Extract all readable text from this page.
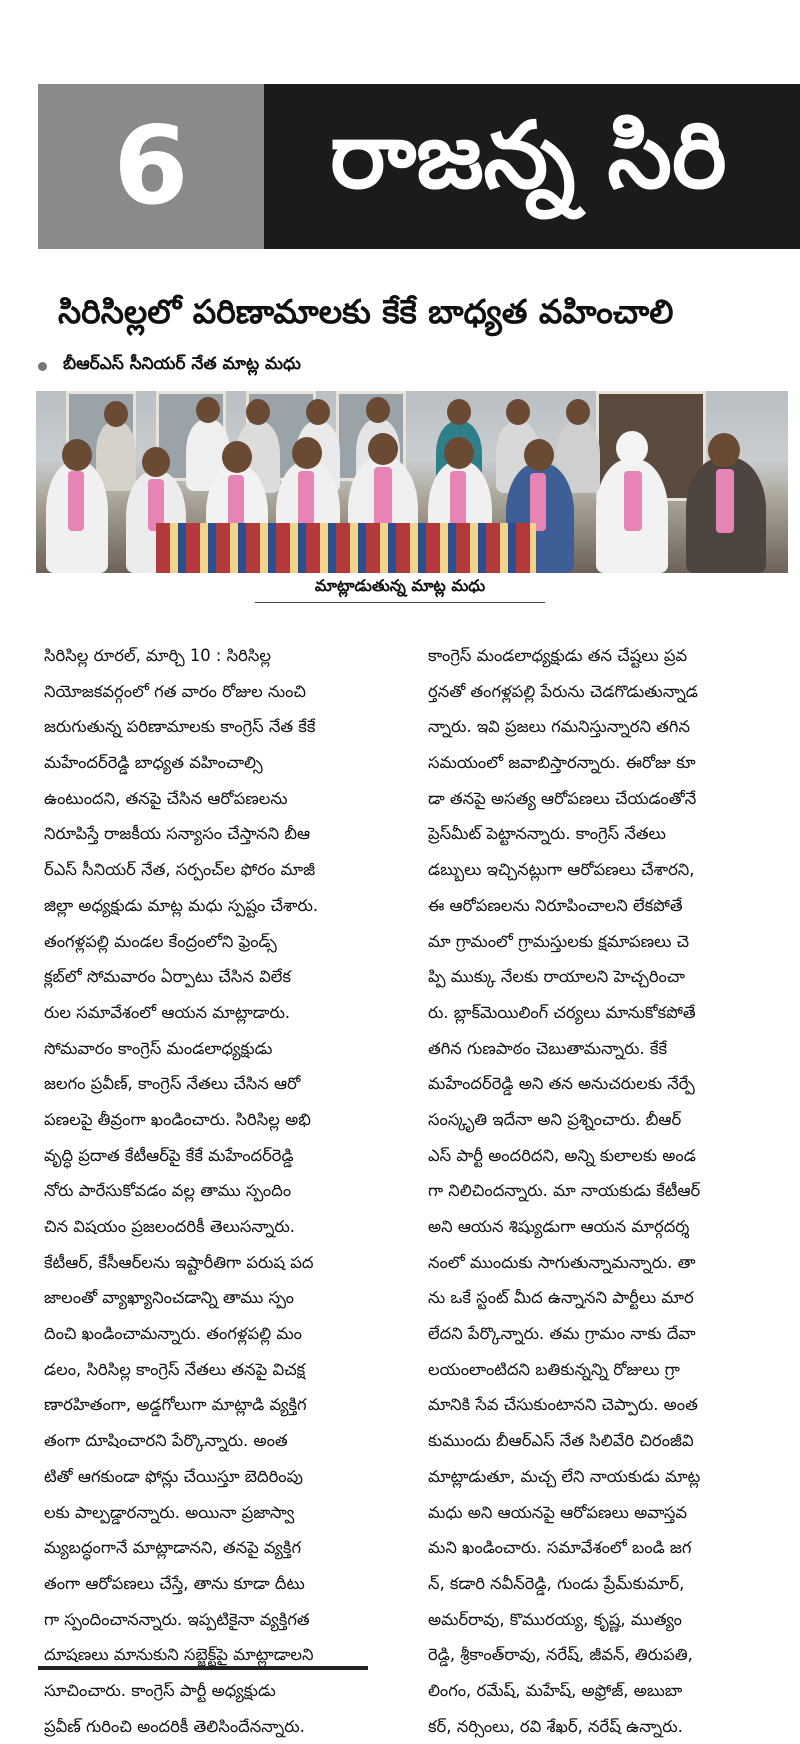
6	రాజన్న సిరి
సిరిసిల్లలో పరిణామాలకు కేకే బాధ్యత వహించాలి
బీఆర్ఎస్ సీనియర్ నేత మాట్ల మధు
మాట్లాడుతున్న మాట్ల మధు
సిరిసిల్ల రూరల్, మార్చి 10 : సిరిసిల్ల
నియోజకవర్గంలో గత వారం రోజుల నుంచి
జరుగుతున్న పరిణామాలకు కాంగ్రెస్ నేత కేకే
మహేందర్‌రెడ్డి బాధ్యత వహించాల్సి
ఉంటుందని, తనపై చేసిన ఆరోపణలను
నిరూపిస్తే రాజకీయ సన్యాసం చేస్తానని బీఆ
ర్ఎస్ సీనియర్ నేత, సర్పంచ్‌ల ఫోరం మాజీ
జిల్లా అధ్యక్షుడు మాట్ల మధు స్పష్టం చేశారు.
తంగళ్లపల్లి మండల కేంద్రంలోని ఫ్రెండ్స్
క్లబ్‌లో సోమవారం ఏర్పాటు చేసిన విలేక
రుల సమావేశంలో ఆయన మాట్లాడారు.
సోమవారం కాంగ్రెస్ మండలాధ్యక్షుడు
జలగం ప్రవీణ్, కాంగ్రెస్ నేతలు చేసిన ఆరో
పణలపై తీవ్రంగా ఖండించారు. సిరిసిల్ల అభి
వృద్ధి ప్రదాత కేటీఆర్‌పై కేకే మహేందర్‌రెడ్డి
నోరు పారేసుకోవడం వల్ల తాము స్పందిం
చిన విషయం ప్రజలందరికీ తెలుసన్నారు.
కేటీఆర్, కేసీఆర్‌లను ఇష్టారీతిగా పరుష పద
జాలంతో వ్యాఖ్యానించడాన్ని తాము స్పం
దించి ఖండించామన్నారు. తంగళ్లపల్లి మం
డలం, సిరిసిల్ల కాంగ్రెస్ నేతలు తనపై విచక్ష
ణారహితంగా, అడ్డగోలుగా మాట్లాడి వ్యక్తిగ
తంగా దూషించారని పేర్కొన్నారు. అంత
టితో ఆగకుండా ఫోన్లు చేయిస్తూ బెదిరింపు
లకు పాల్పడ్డారన్నారు. అయినా ప్రజాస్వా
మ్యబద్ధంగానే మాట్లాడానని, తనపై వ్యక్తిగ
తంగా ఆరోపణలు చేస్తే, తాను కూడా దీటు
గా స్పందించానన్నారు. ఇప్పటికైనా వ్యక్తిగత
దూషణలు మానుకుని సబ్జెక్ట్‌పై మాట్లాడాలని
సూచించారు. కాంగ్రెస్ పార్టీ అధ్యక్షుడు
ప్రవీణ్ గురించి అందరికీ తెలిసిందేనన్నారు.
కాంగ్రెస్ మండలాధ్యక్షుడు తన చేష్టలు ప్రవ
ర్తనతో తంగళ్లపల్లి పేరును చెడగొడుతున్నాడ
న్నారు. ఇవి ప్రజలు గమనిస్తున్నారని తగిన
సమయంలో జవాబిస్తారన్నారు. ఈరోజు కూ
డా తనపై అసత్య ఆరోపణలు చేయడంతోనే
ప్రెస్‌మీట్ పెట్టానన్నారు. కాంగ్రెస్ నేతలు
డబ్బులు ఇచ్చినట్లుగా ఆరోపణలు చేశారని,
ఈ ఆరోపణలను నిరూపించాలని లేకపోతే
మా గ్రామంలో గ్రామస్తులకు క్షమాపణలు చె
ప్పి ముక్కు నేలకు రాయాలని హెచ్చరించా
రు. బ్లాక్‌మెయిలింగ్ చర్యలు మానుకోకపోతే
తగిన గుణపాఠం చెబుతామన్నారు. కేకే
మహేందర్‌రెడ్డి అని తన అనుచరులకు నేర్పే
సంస్కృతి ఇదేనా అని ప్రశ్నించారు. బీఆర్
ఎస్ పార్టీ అందరిదని, అన్ని కులాలకు అండ
గా నిలిచిందన్నారు. మా నాయకుడు కేటీఆర్
అని ఆయన శిష్యుడుగా ఆయన మార్గదర్శ
నంలో ముందుకు సాగుతున్నామన్నారు. తా
ను ఒకే స్టంట్ మీద ఉన్నానని పార్టీలు మార
లేదని పేర్కొన్నారు. తమ గ్రామం నాకు దేవా
లయంలాంటిదని బతికున్నన్ని రోజులు గ్రా
మానికి సేవ చేసుకుంటానని చెప్పారు. అంత
కుముందు బీఆర్ఎస్ నేత సిలివేరి చిరంజీవి
మాట్లాడుతూ, మచ్చ లేని నాయకుడు మాట్ల
మధు అని ఆయనపై ఆరోపణలు అవాస్తవ
మని ఖండించారు. సమావేశంలో బండి జగ
న్, కడారి నవీన్‌రెడ్డి, గుండు ప్రేమ్‌కుమార్,
అమర్‌రావు, కొమురయ్య, కృష్ణ, ముత్యం
రెడ్డి, శ్రీకాంత్‌రావు, నరేష్, జీవన్, తిరుపతి,
లింగం, రమేష్, మహేష్, అఫ్రోజ్, అబుబా
కర్, నర్సింలు, రవి శేఖర్, నరేష్ ఉన్నారు.
